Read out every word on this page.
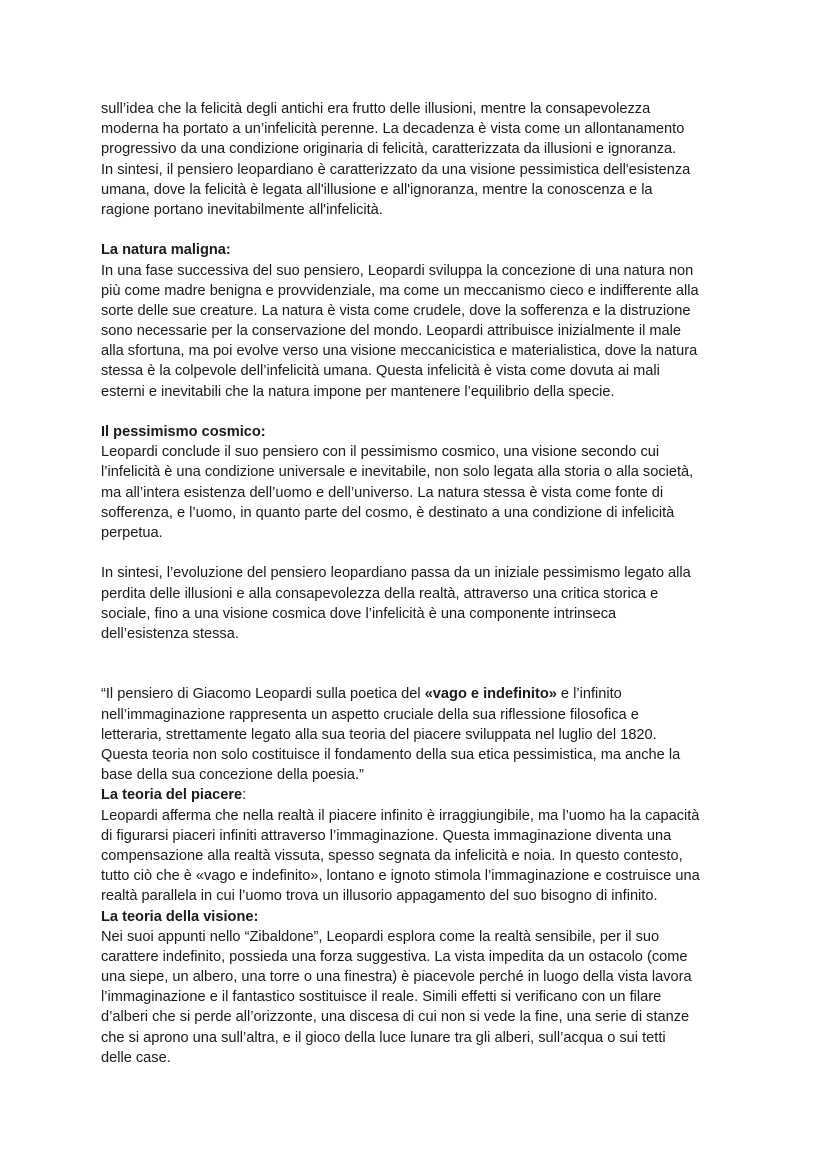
sull’idea che la felicità degli antichi era frutto delle illusioni, mentre la consapevolezza
moderna ha portato a un’infelicità perenne. La decadenza è vista come un allontanamento
progressivo da una condizione originaria di felicità, caratterizzata da illusioni e ignoranza.
In sintesi, il pensiero leopardiano è caratterizzato da una visione pessimistica dell'esistenza
umana, dove la felicità è legata all'illusione e all'ignoranza, mentre la conoscenza e la
ragione portano inevitabilmente all'infelicità.
La natura maligna:
In una fase successiva del suo pensiero, Leopardi sviluppa la concezione di una natura non
più come madre benigna e provvidenziale, ma come un meccanismo cieco e indifferente alla
sorte delle sue creature. La natura è vista come crudele, dove la sofferenza e la distruzione
sono necessarie per la conservazione del mondo. Leopardi attribuisce inizialmente il male
alla sfortuna, ma poi evolve verso una visione meccanicistica e materialistica, dove la natura
stessa è la colpevole dell’infelicità umana. Questa infelicità è vista come dovuta ai mali
esterni e inevitabili che la natura impone per mantenere l’equilibrio della specie.
Il pessimismo cosmico:
Leopardi conclude il suo pensiero con il pessimismo cosmico, una visione secondo cui
l’infelicità è una condizione universale e inevitabile, non solo legata alla storia o alla società,
ma all’intera esistenza dell’uomo e dell’universo. La natura stessa è vista come fonte di
sofferenza, e l’uomo, in quanto parte del cosmo, è destinato a una condizione di infelicità
perpetua.
In sintesi, l’evoluzione del pensiero leopardiano passa da un iniziale pessimismo legato alla
perdita delle illusioni e alla consapevolezza della realtà, attraverso una critica storica e
sociale, fino a una visione cosmica dove l’infelicità è una componente intrinseca
dell’esistenza stessa.
“Il pensiero di Giacomo Leopardi sulla poetica del «vago e indefinito» e l’infinito
nell’immaginazione rappresenta un aspetto cruciale della sua riflessione filosofica e
letteraria, strettamente legato alla sua teoria del piacere sviluppata nel luglio del 1820.
Questa teoria non solo costituisce il fondamento della sua etica pessimistica, ma anche la
base della sua concezione della poesia.”
La teoria del piacere:
Leopardi afferma che nella realtà il piacere infinito è irraggiungibile, ma l’uomo ha la capacità
di figurarsi piaceri infiniti attraverso l’immaginazione. Questa immaginazione diventa una
compensazione alla realtà vissuta, spesso segnata da infelicità e noia. In questo contesto,
tutto ciò che è «vago e indefinito», lontano e ignoto stimola l’immaginazione e costruisce una
realtà parallela in cui l’uomo trova un illusorio appagamento del suo bisogno di infinito.
La teoria della visione:
Nei suoi appunti nello “Zibaldone”, Leopardi esplora come la realtà sensibile, per il suo
carattere indefinito, possieda una forza suggestiva. La vista impedita da un ostacolo (come
una siepe, un albero, una torre o una finestra) è piacevole perché in luogo della vista lavora
l’immaginazione e il fantastico sostituisce il reale. Simili effetti si verificano con un filare
d’alberi che si perde all’orizzonte, una discesa di cui non si vede la fine, una serie di stanze
che si aprono una sull’altra, e il gioco della luce lunare tra gli alberi, sull’acqua o sui tetti
delle case.
